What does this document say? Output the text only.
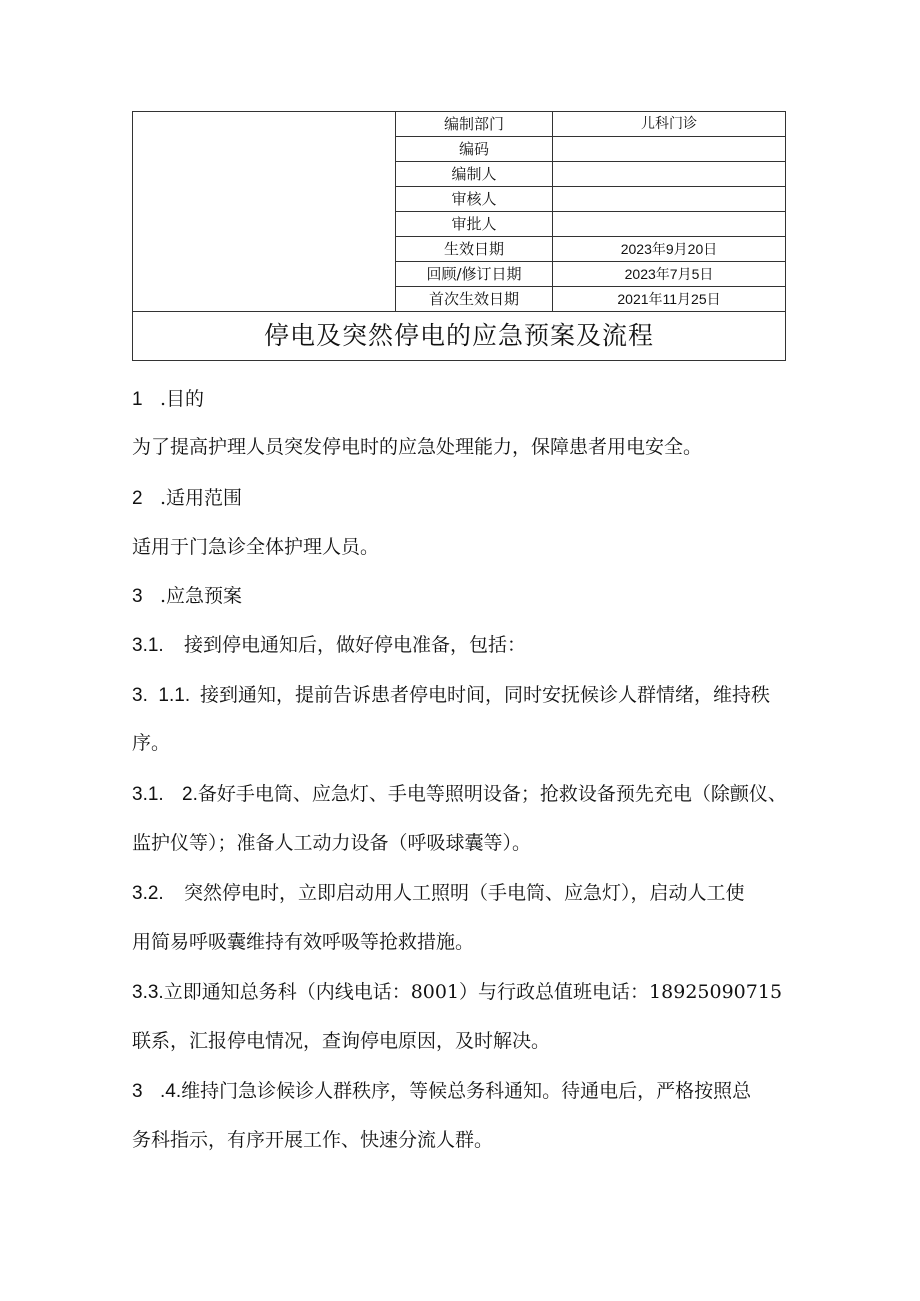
	编制部门	儿科门诊
	编码	
	编制人	
	审核人	
	审批人	
	生效日期	2023年9月20日
	回顾/修订日期	2023年7月5日
	首次生效日期	2021年11月25日
停电及突然停电的应急预案及流程		
1 .目的
为了提高护理人员突发停电时的应急处理能力，保障患者用电安全。
2 .适用范围
适用于门急诊全体护理人员。
3 .应急预案
3.1. 接到停电通知后，做好停电准备，包括：
3.  1.1. 接到通知，提前告诉患者停电时间，同时安抚候诊人群情绪，维持秩
序。
3.1. 2.备好手电筒、应急灯、手电等照明设备；抢救设备预先充电（除颤仪、
监护仪等）；准备人工动力设备（呼吸球囊等）。
3.2. 突然停电时，立即启动用人工照明（手电筒、应急灯），启动人工使
用简易呼吸囊维持有效呼吸等抢救措施。
3.3.立即通知总务科（内线电话：8001）与行政总值班电话：18925090715
联系，汇报停电情况，查询停电原因，及时解决。
3 .4.维持门急诊候诊人群秩序，等候总务科通知。待通电后，严格按照总
务科指示，有序开展工作、快速分流人群。
